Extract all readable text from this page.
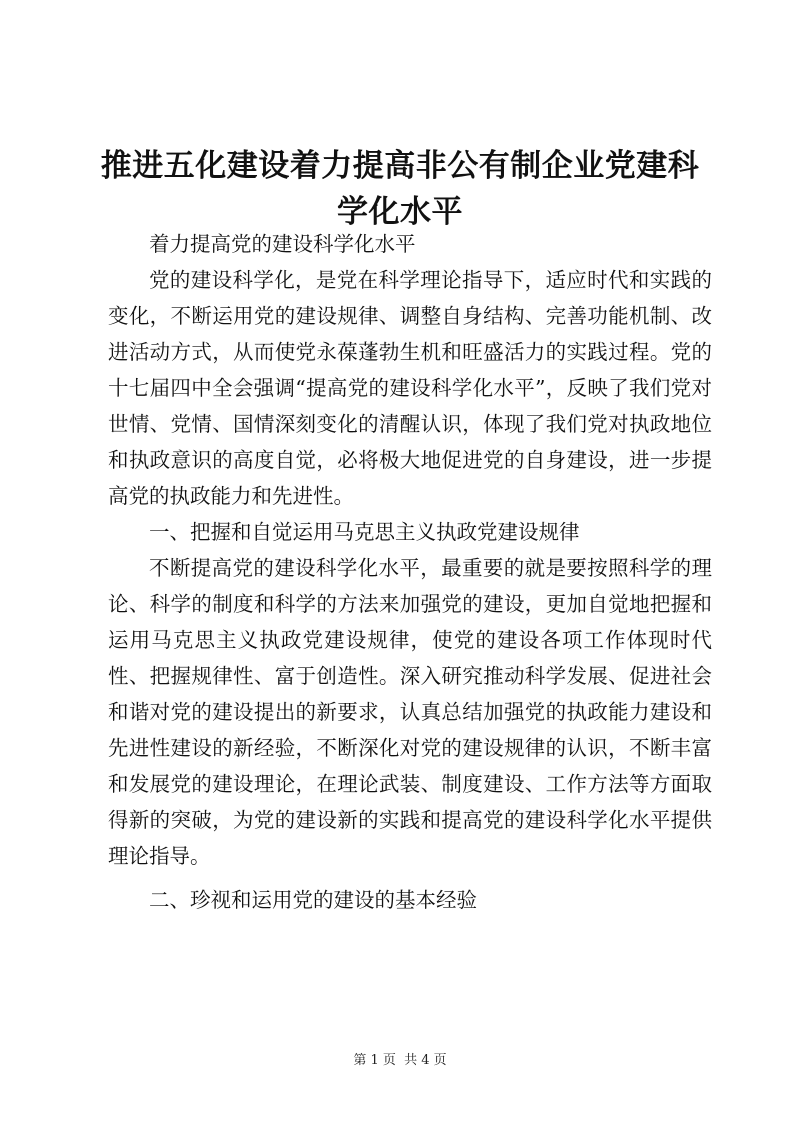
推进五化建设着力提高非公有制企业党建科学化水平

着力提高党的建设科学化水平

党的建设科学化，是党在科学理论指导下，适应时代和实践的变化，不断运用党的建设规律、调整自身结构、完善功能机制、改进活动方式，从而使党永葆蓬勃生机和旺盛活力的实践过程。党的十七届四中全会强调“提高党的建设科学化水平”，反映了我们党对世情、党情、国情深刻变化的清醒认识，体现了我们党对执政地位和执政意识的高度自觉，必将极大地促进党的自身建设，进一步提高党的执政能力和先进性。

一、把握和自觉运用马克思主义执政党建设规律

不断提高党的建设科学化水平，最重要的就是要按照科学的理论、科学的制度和科学的方法来加强党的建设，更加自觉地把握和运用马克思主义执政党建设规律，使党的建设各项工作体现时代性、把握规律性、富于创造性。深入研究推动科学发展、促进社会和谐对党的建设提出的新要求，认真总结加强党的执政能力建设和先进性建设的新经验，不断深化对党的建设规律的认识，不断丰富和发展党的建设理论，在理论武装、制度建设、工作方法等方面取得新的突破，为党的建设新的实践和提高党的建设科学化水平提供理论指导。

二、珍视和运用党的建设的基本经验

第 1 页 共 4 页
